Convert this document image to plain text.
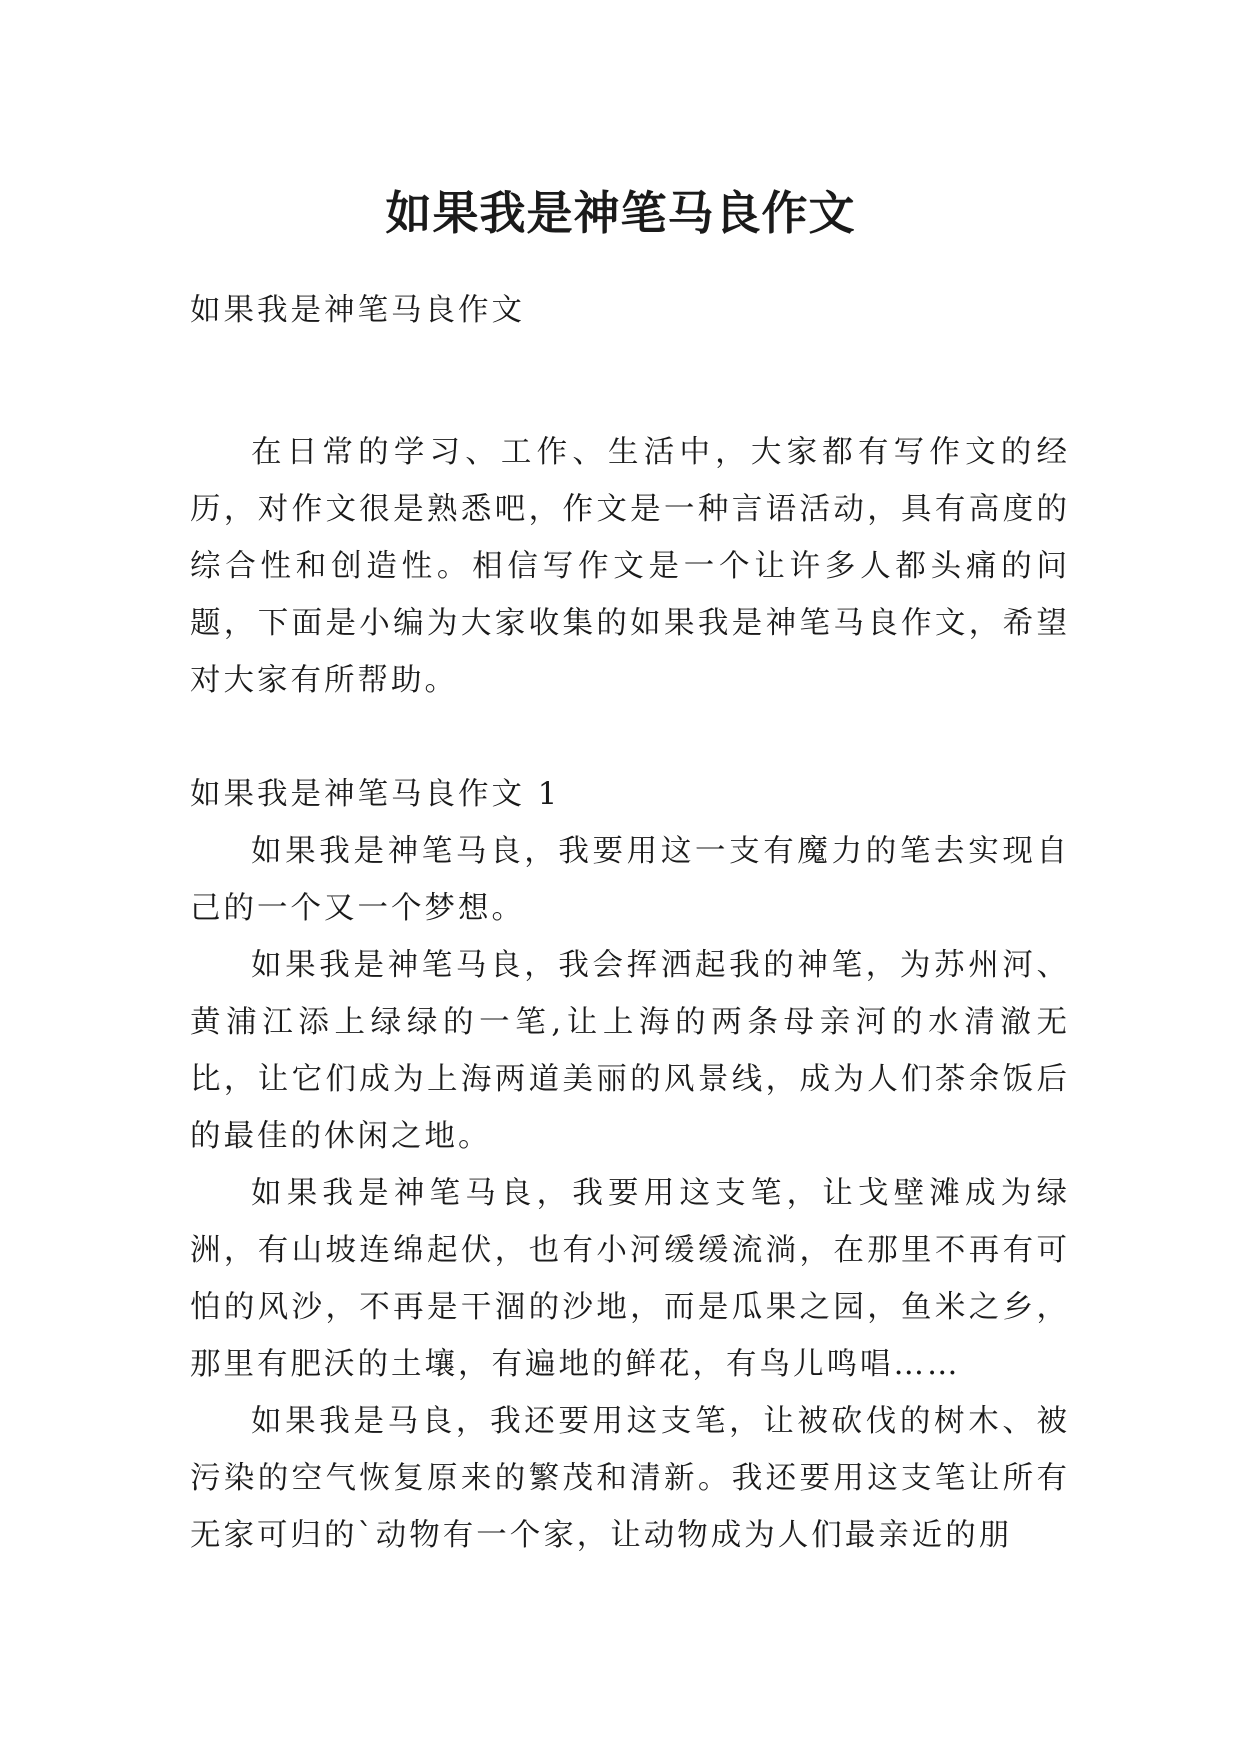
如果我是神笔马良作文

如果我是神笔马良作文

在日常的学习、工作、生活中，大家都有写作文的经历，对作文很是熟悉吧，作文是一种言语活动，具有高度的综合性和创造性。相信写作文是一个让许多人都头痛的问题，下面是小编为大家收集的如果我是神笔马良作文，希望对大家有所帮助。

如果我是神笔马良作文 1

如果我是神笔马良，我要用这一支有魔力的笔去实现自己的一个又一个梦想。

如果我是神笔马良，我会挥洒起我的神笔，为苏州河、黄浦江添上绿绿的一笔,让上海的两条母亲河的水清澈无比，让它们成为上海两道美丽的风景线，成为人们茶余饭后的最佳的休闲之地。

如果我是神笔马良，我要用这支笔，让戈壁滩成为绿洲，有山坡连绵起伏，也有小河缓缓流淌，在那里不再有可怕的风沙，不再是干涸的沙地，而是瓜果之园，鱼米之乡，那里有肥沃的土壤，有遍地的鲜花，有鸟儿鸣唱……

如果我是马良，我还要用这支笔，让被砍伐的树木、被污染的空气恢复原来的繁茂和清新。我还要用这支笔让所有无家可归的`动物有一个家，让动物成为人们最亲近的朋
